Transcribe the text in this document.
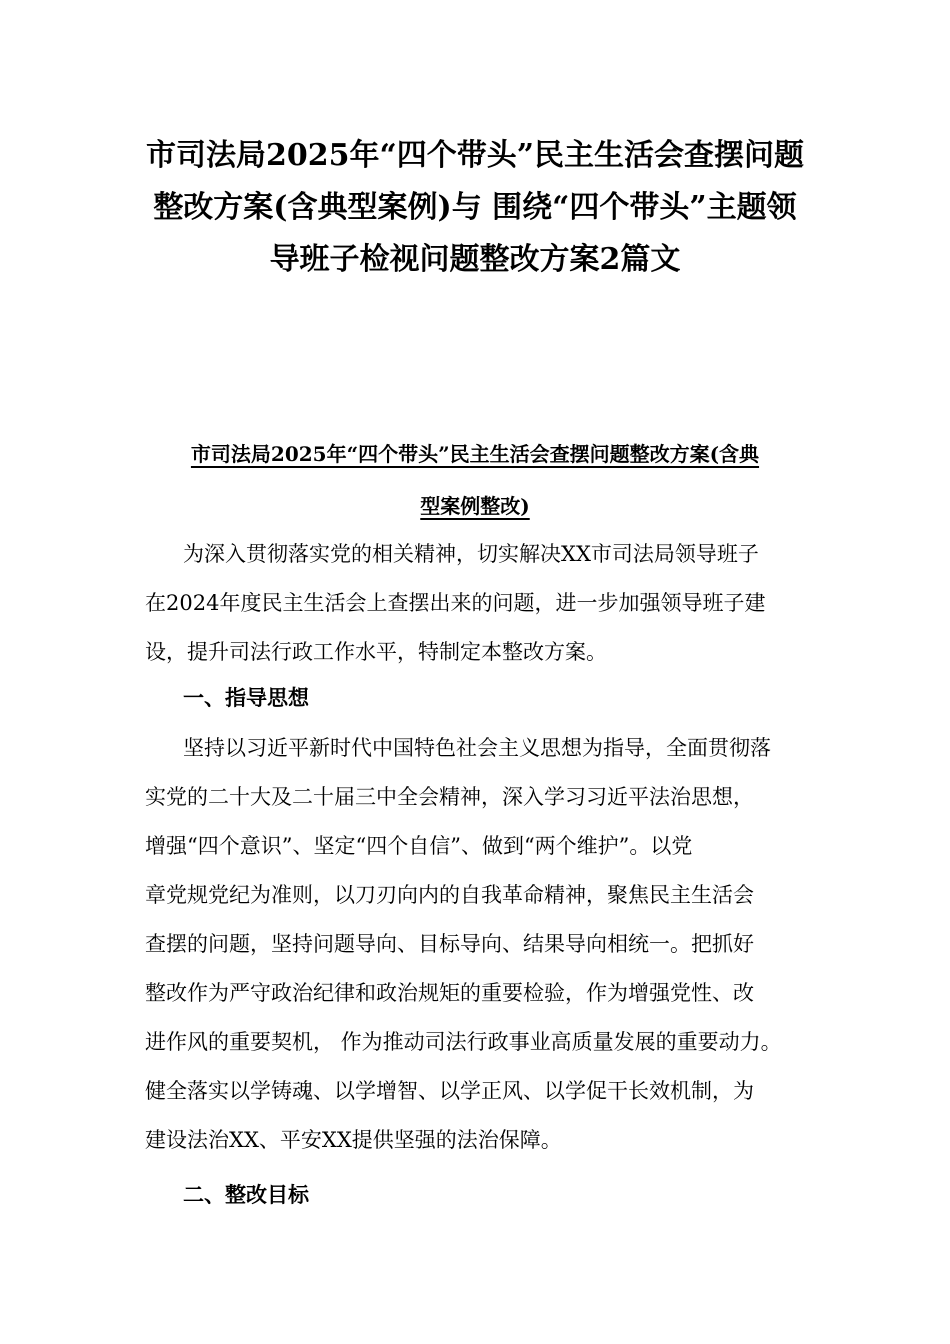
市司法局2025年“四个带头”民主生活会查摆问题
整改方案(含典型案例)与 围绕“四个带头”主题领
导班子检视问题整改方案2篇文
市司法局2025年“四个带头”民主生活会查摆问题整改方案(含典
型案例整改)
为深入贯彻落实党的相关精神，切实解决XX市司法局领导班子
在2024年度民主生活会上查摆出来的问题，进一步加强领导班子建
设，提升司法行政工作水平，特制定本整改方案。
一、指导思想
坚持以习近平新时代中国特色社会主义思想为指导，全面贯彻落
实党的二十大及二十届三中全会精神，深入学习习近平法治思想，
增强“四个意识”、坚定“四个自信”、做到“两个维护”。以党
章党规党纪为准则，以刀刃向内的自我革命精神，聚焦民主生活会
查摆的问题，坚持问题导向、目标导向、结果导向相统一。把抓好
整改作为严守政治纪律和政治规矩的重要检验，作为增强党性、改
进作风的重要契机， 作为推动司法行政事业高质量发展的重要动力。
健全落实以学铸魂、以学增智、以学正风、以学促干长效机制，为
建设法治XX、平安XX提供坚强的法治保障。
二、整改目标
